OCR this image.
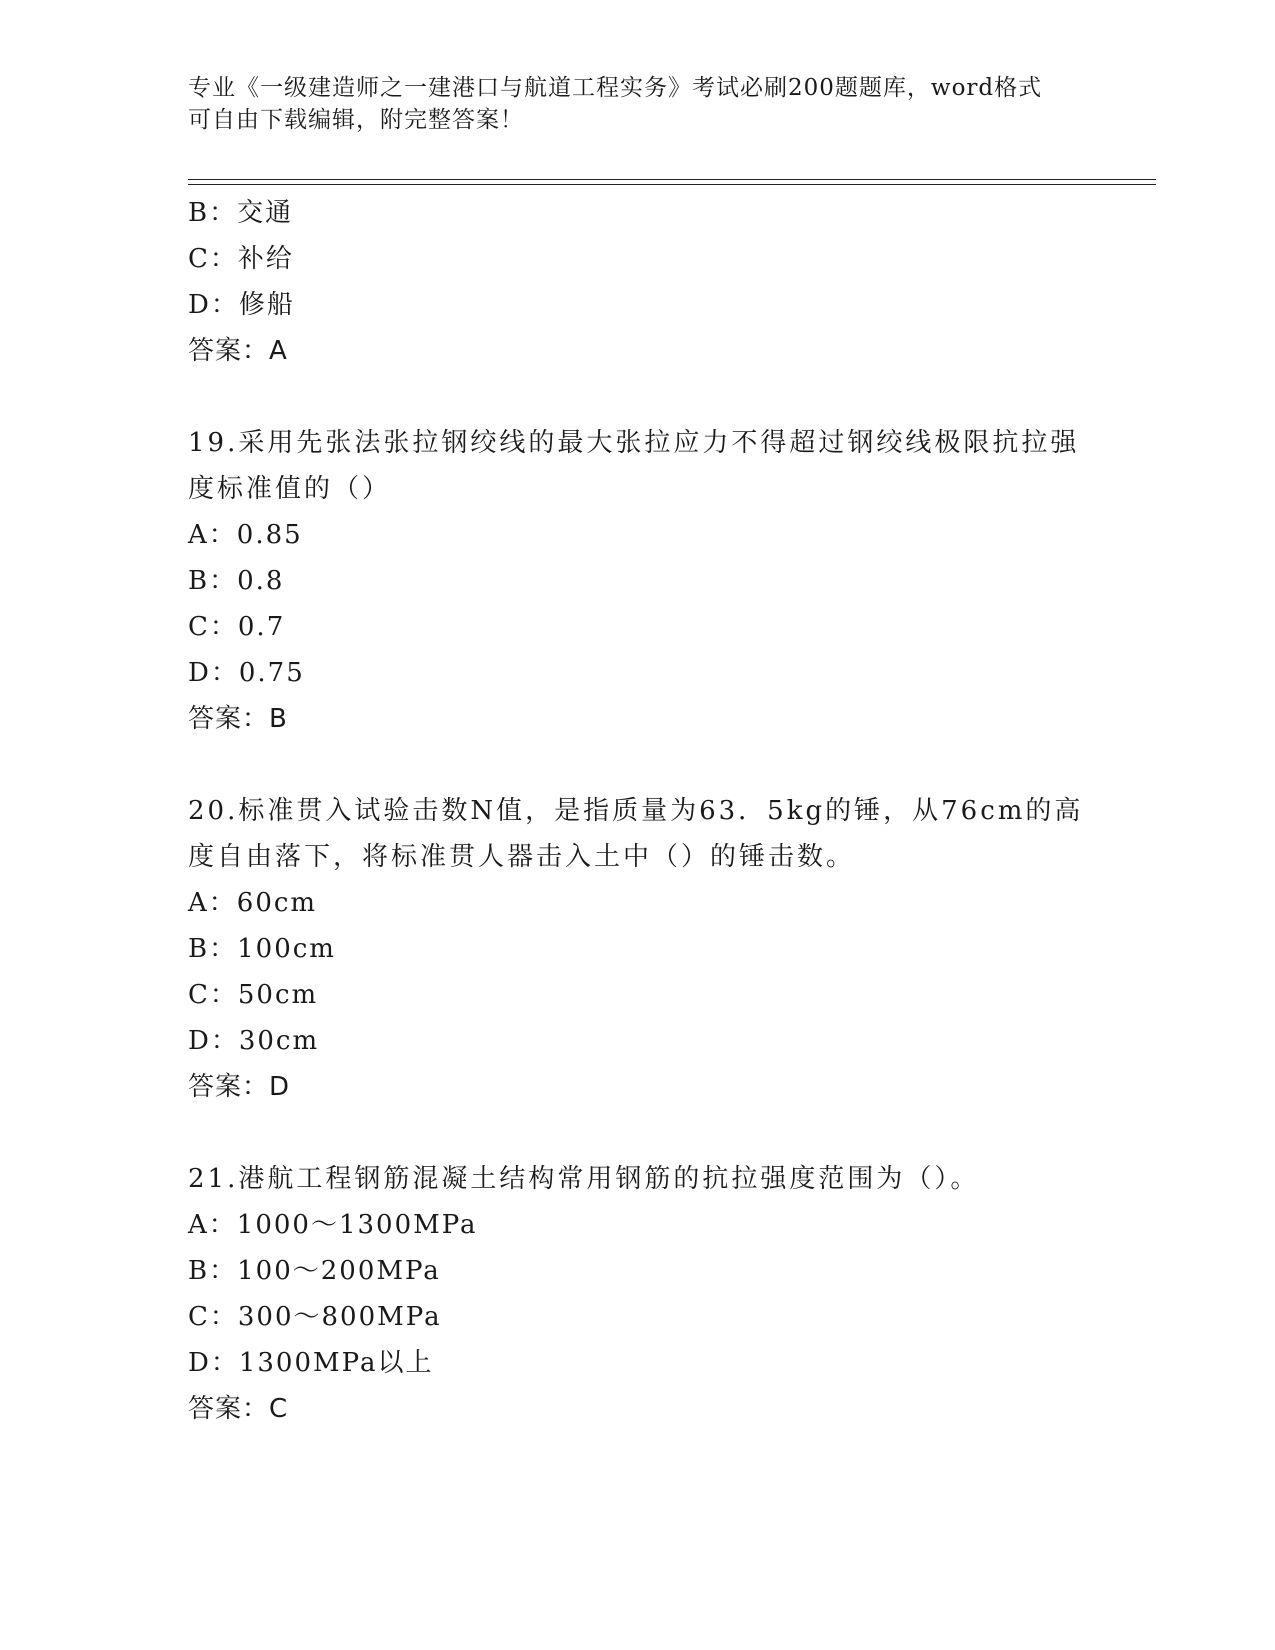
专业《一级建造师之一建港口与航道工程实务》考试必刷200题题库，word格式
可自由下载编辑，附完整答案！
B：交通
C：补给
D：修船
答案：A
19.采用先张法张拉钢绞线的最大张拉应力不得超过钢绞线极限抗拉强
度标准值的（）
A：0.85
B：0.8
C：0.7
D：0.75
答案：B
20.标准贯入试验击数N值，是指质量为63．5kg的锤，从76cm的高
度自由落下，将标准贯人器击入土中（）的锤击数。
A：60cm
B：100cm
C：50cm
D：30cm
答案：D
21.港航工程钢筋混凝土结构常用钢筋的抗拉强度范围为（）。
A：1000～1300MPa
B：100～200MPa
C：300～800MPa
D：1300MPa以上
答案：C
